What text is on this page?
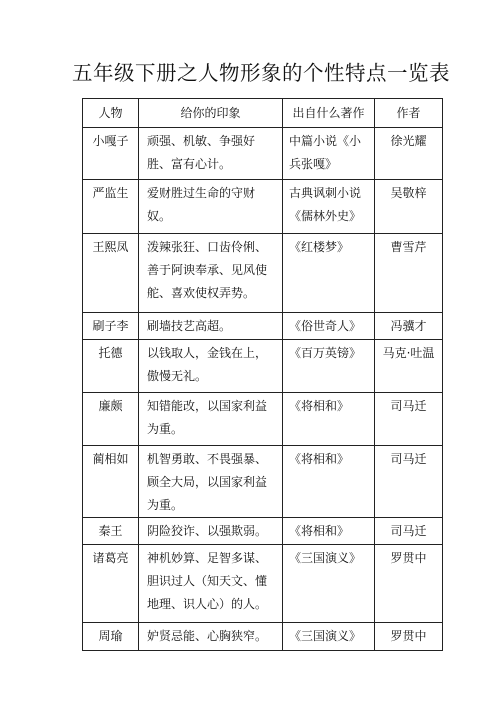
五年级下册之人物形象的个性特点一览表
人物	给你的印象	出自什么著作	作者
小嘎子	顽强、机敏、争强好胜、富有心计。	中篇小说《小兵张嘎》	徐光耀
严监生	爱财胜过生命的守财奴。	古典讽刺小说《儒林外史》	吴敬梓
王熙凤	泼辣张狂、口齿伶俐、善于阿谀奉承、见风使舵、喜欢使权弄势。	《红楼梦》	曹雪芹
刷子李	刷墙技艺高超。	《俗世奇人》	冯骥才
托德	以钱取人，金钱在上，傲慢无礼。	《百万英镑》	马克·吐温
廉颇	知错能改，以国家利益为重。	《将相和》	司马迁
蔺相如	机智勇敢、不畏强暴、顾全大局，以国家利益为重。	《将相和》	司马迁
秦王	阴险狡诈、以强欺弱。	《将相和》	司马迁
诸葛亮	神机妙算、足智多谋、胆识过人（知天文、懂地理、识人心）的人。	《三国演义》	罗贯中
周瑜	妒贤忌能、心胸狭窄。	《三国演义》	罗贯中
